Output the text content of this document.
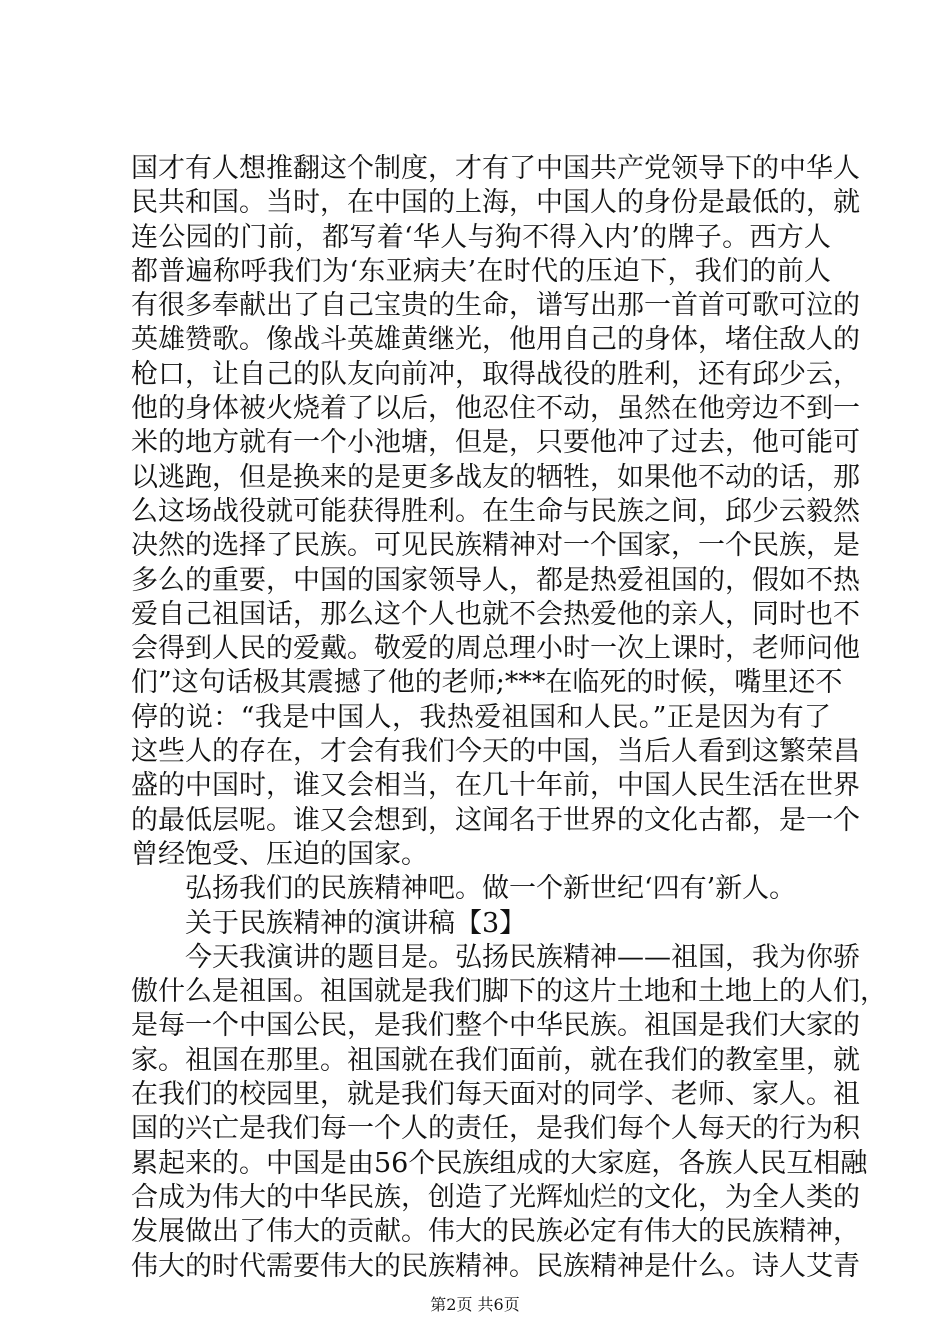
国才有人想推翻这个制度，才有了中国共产党领导下的中华人
民共和国。当时，在中国的上海，中国人的身份是最低的，就
连公园的门前，都写着‘华人与狗不得入内’的牌子。西方人
都普遍称呼我们为‘东亚病夫’在时代的压迫下，我们的前人
有很多奉献出了自己宝贵的生命，谱写出那一首首可歌可泣的
英雄赞歌。像战斗英雄黄继光，他用自己的身体，堵住敌人的
枪口，让自己的队友向前冲，取得战役的胜利，还有邱少云，
他的身体被火烧着了以后，他忍住不动，虽然在他旁边不到一
米的地方就有一个小池塘，但是，只要他冲了过去，他可能可
以逃跑，但是换来的是更多战友的牺牲，如果他不动的话，那
么这场战役就可能获得胜利。在生命与民族之间，邱少云毅然
决然的选择了民族。可见民族精神对一个国家，一个民族，是
多么的重要，中国的国家领导人，都是热爱祖国的，假如不热
爱自己祖国话，那么这个人也就不会热爱他的亲人，同时也不
会得到人民的爱戴。敬爱的周总理小时一次上课时，老师问他
们”这句话极其震撼了他的老师;***在临死的时候，嘴里还不
停的说：“我是中国人，我热爱祖国和人民。”正是因为有了
这些人的存在，才会有我们今天的中国，当后人看到这繁荣昌
盛的中国时，谁又会相当，在几十年前，中国人民生活在世界
的最低层呢。谁又会想到，这闻名于世界的文化古都，是一个
曾经饱受、压迫的国家。
弘扬我们的民族精神吧。做一个新世纪‘四有’新人。
关于民族精神的演讲稿【3】
今天我演讲的题目是。弘扬民族精神——祖国，我为你骄
傲什么是祖国。祖国就是我们脚下的这片土地和土地上的人们，
是每一个中国公民，是我们整个中华民族。祖国是我们大家的
家。祖国在那里。祖国就在我们面前，就在我们的教室里，就
在我们的校园里，就是我们每天面对的同学、老师、家人。祖
国的兴亡是我们每一个人的责任，是我们每个人每天的行为积
累起来的。中国是由56个民族组成的大家庭，各族人民互相融
合成为伟大的中华民族，创造了光辉灿烂的文化，为全人类的
发展做出了伟大的贡献。伟大的民族必定有伟大的民族精神，
伟大的时代需要伟大的民族精神。民族精神是什么。诗人艾青
第2页 共6页
